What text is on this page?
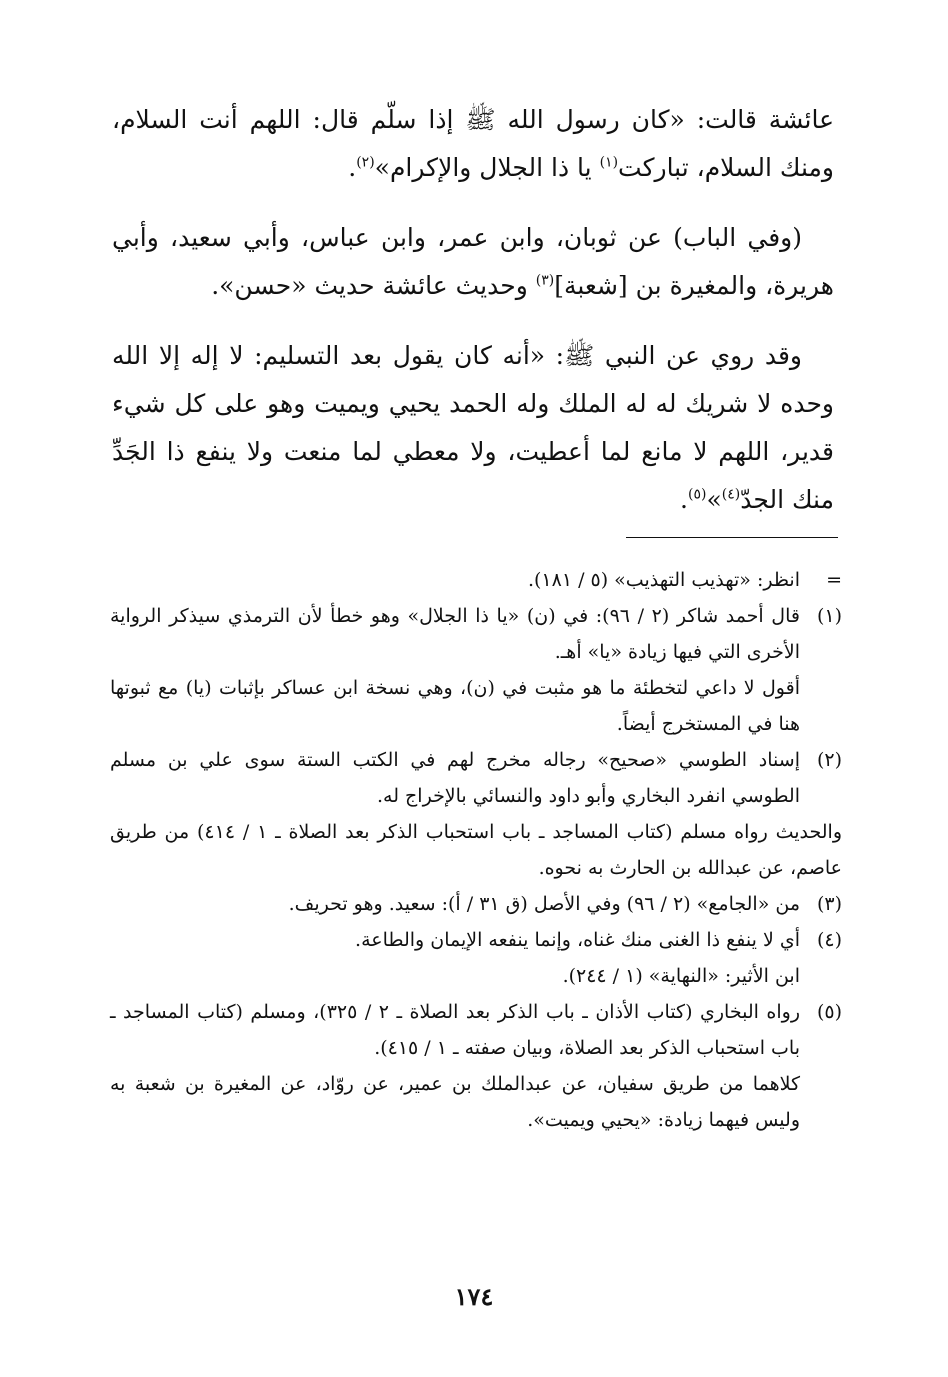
عائشة قالت: «كان رسول الله ﷺ إذا سلّم قال: اللهم أنت السلام، ومنك السلام، تباركت$^{(١)}$ يا ذا الجلال والإكرام»$^{(٢)}$.

(وفي الباب) عن ثوبان، وابن عمر، وابن عباس، وأبي سعيد، وأبي هريرة، والمغيرة بن [شعبة]$^{(٣)}$ وحديث عائشة حديث «حسن».

وقد روي عن النبي ﷺ: «أنه كان يقول بعد التسليم: لا إله إلا الله وحده لا شريك له له الملك وله الحمد يحيي ويميت وهو على كل شيء قدير، اللهم لا مانع لما أعطيت، ولا معطي لما منعت ولا ينفع ذا الجَدِّ منك الجدّ$^{(٤)}$»$^{(٥)}$.

=

انظر: «تهذيب التهذيب» (٥ / ١٨١).

(١)

قال أحمد شاكر (٢ / ٩٦): في (ن) «يا ذا الجلال» وهو خطأ لأن الترمذي سيذكر الرواية الأخرى التي فيها زيادة «يا» أهـ.

أقول لا داعي لتخطئة ما هو مثبت في (ن)، وهي نسخة ابن عساكر بإثبات (يا) مع ثبوتها هنا في المستخرج أيضاً.

(٢)

إسناد الطوسي «صحيح» رجاله مخرج لهم في الكتب الستة سوى علي بن مسلم الطوسي انفرد البخاري وأبو داود والنسائي بالإخراج له.

والحديث رواه مسلم (كتاب المساجد ـ باب استحباب الذكر بعد الصلاة ـ ١ / ٤١٤) من طريق عاصم، عن عبدالله بن الحارث به نحوه.

(٣)

من «الجامع» (٢ / ٩٦) وفي الأصل (ق ٣١ / أ): سعيد. وهو تحريف.

(٤)

أي لا ينفع ذا الغنى منك غناه، وإنما ينفعه الإيمان والطاعة.

ابن الأثير: «النهاية» (١ / ٢٤٤).

(٥)

رواه البخاري (كتاب الأذان ـ باب الذكر بعد الصلاة ـ ٢ / ٣٢٥)، ومسلم (كتاب المساجد ـ باب استحباب الذكر بعد الصلاة، وبيان صفته ـ ١ / ٤١٥).

كلاهما من طريق سفيان، عن عبدالملك بن عمير، عن روّاد، عن المغيرة بن شعبة به وليس فيهما زيادة: «يحيي ويميت».

١٧٤
